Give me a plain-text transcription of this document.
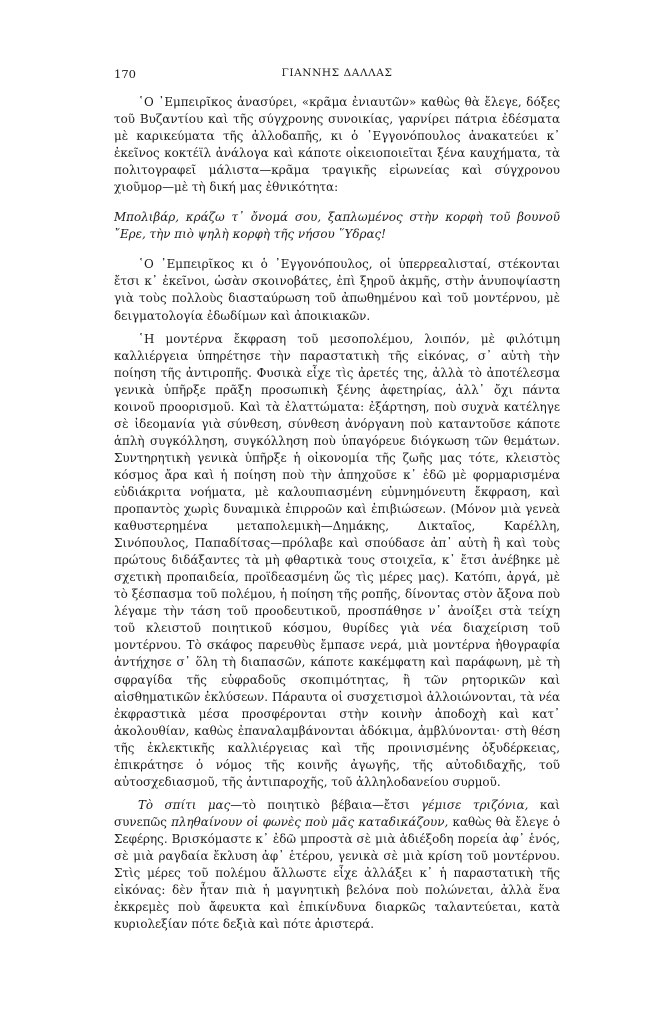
170	ΓΙΑΝΝΗΣ ΔΑΛΛΑΣ

῾Ο ᾿Εμπειρῖκος ἀνασύρει, «κρᾶμα ἐνιαυτῶν» καθὼς θὰ ἔλεγε, δόξες τοῦ Βυζαντίου καὶ τῆς σύγχρονης συνοικίας, γαρνίρει πάτρια ἐδέσματα μὲ καρικεύματα τῆς ἀλλοδαπῆς, κι ὁ ᾿Εγγονόπουλος ἀνακατεύει κ᾿ ἐκεῖνος κοκτέϊλ ἀνάλογα καὶ κάποτε οἰκειοποιεῖται ξένα καυχήματα, τὰ πολιτογραφεῖ μάλιστα—κρᾶμα τραγικῆς εἰρωνείας καὶ σύγχρονου χιοῦμορ—μὲ τὴ δική μας ἐθνικότητα:

Μπολιβάρ, κράζω τ᾿ ὄνομά σου, ξαπλωμένος στὴν κορφὴ τοῦ βουνοῦ ῎Ερε, τὴν πιὸ ψηλὴ κορφὴ τῆς νήσου ῞Υδρας!

῾Ο ᾿Εμπειρῖκος κι ὁ ᾿Εγγονόπουλος, οἱ ὑπερρεαλισταί, στέκονται ἔτσι κ᾿ ἐκεῖνοι, ὡσὰν σκοινοβάτες, ἐπὶ ξηροῦ ἀκμῆς, στὴν ἀνυποψίαστη γιὰ τοὺς πολλοὺς διασταύρωση τοῦ ἀπωθημένου καὶ τοῦ μοντέρνου, μὲ δειγματολογία ἐδωδίμων καὶ ἀποικιακῶν.

῾Η μοντέρνα ἔκφραση τοῦ μεσοπολέμου, λοιπόν, μὲ φιλότιμη καλλιέργεια ὑπηρέτησε τὴν παραστατικὴ τῆς εἰκόνας, σ᾿ αὐτὴ τὴν ποίηση τῆς ἀντιροπῆς. Φυσικὰ εἶχε τὶς ἀρετές της, ἀλλὰ τὸ ἀποτέλεσμα γενικὰ ὑπῆρξε πρᾶξη προσωπικὴ ξένης ἀφετηρίας, ἀλλ᾿ ὄχι πάντα κοινοῦ προορισμοῦ. Καὶ τὰ ἐλαττώματα: ἐξάρτηση, ποὺ συχνὰ κατέληγε σὲ ἰδεομανία γιὰ σύνθεση, σύνθεση ἀνόργανη ποὺ καταντοῦσε κάποτε ἁπλὴ συγκόλληση, συγκόλληση ποὺ ὑπαγόρευε διόγκωση τῶν θεμάτων. Συντηρητικὴ γενικὰ ὑπῆρξε ἡ οἰκονομία τῆς ζωῆς μας τότε, κλειστὸς κόσμος ἄρα καὶ ἡ ποίηση ποὺ τὴν ἀπηχοῦσε κ᾿ ἐδῶ μὲ φορμαρισμένα εὐδιάκριτα νοήματα, μὲ καλουπιασμένη εὐμνημόνευτη ἔκφραση, καὶ προπαντὸς χωρὶς δυναμικὰ ἐπιρροῶν καὶ ἐπιβιώσεων. (Μόνον μιὰ γενεὰ καθυστερημένα μεταπολεμικὴ—Δημάκης, Δικταῖος, Καρέλλη, Σινόπουλος, Παπαδίτσας—πρόλαβε καὶ σπούδασε ἀπ᾿ αὐτὴ ἢ καὶ τοὺς πρώτους διδάξαντες τὰ μὴ φθαρτικὰ τους στοιχεῖα, κ᾿ ἔτσι ἀνέβηκε μὲ σχετικὴ προπαιδεία, προϊδεασμένη ὥς τὶς μέρες μας). Κατόπι, ἀργά, μὲ τὸ ξέσπασμα τοῦ πολέμου, ἡ ποίηση τῆς ροπῆς, δίνοντας στὸν ἄξονα ποὺ λέγαμε τὴν τάση τοῦ προοδευτικοῦ, προσπάθησε ν᾿ ἀνοίξει στὰ τείχη τοῦ κλειστοῦ ποιητικοῦ κόσμου, θυρίδες γιὰ νέα διαχείριση τοῦ μοντέρνου. Τὸ σκάφος παρευθὺς ἔμπασε νερά, μιὰ μοντέρνα ἠθογραφία ἀντήχησε σ᾿ ὅλη τὴ διαπασῶν, κάποτε κακέμφατη καὶ παράφωνη, μὲ τὴ σφραγίδα τῆς εὐφραδοῦς σκοπιμότητας, ἢ τῶν ρητορικῶν καὶ αἰσθηματικῶν ἐκλύσεων. Πάραυτα οἱ συσχετισμοὶ ἀλλοιώνονται, τὰ νέα ἐκφραστικὰ μέσα προσφέρονται στὴν κοινὴν ἀποδοχὴ καὶ κατ᾿ ἀκολουθίαν, καθὼς ἐπαναλαμβάνονται ἀδόκιμα, ἀμβλύνονται· στὴ θέση τῆς ἐκλεκτικῆς καλλιέργειας καὶ τῆς προινισμένης ὀξυδέρκειας, ἐπικράτησε ὁ νόμος τῆς κοινῆς ἀγωγῆς, τῆς αὐτοδιδαχῆς, τοῦ αὐτοσχεδιασμοῦ, τῆς ἀντιπαροχῆς, τοῦ ἀλληλοδανείου συρμοῦ.

Τὸ σπίτι μας—τὸ ποιητικὸ βέβαια—ἔτσι γέμισε τριζόνια, καὶ συνεπῶς πληθαίνουν οἱ φωνὲς ποὺ μᾶς καταδικάζουν, καθὼς θὰ ἔλεγε ὁ Σεφέρης. Βρισκόμαστε κ᾿ ἐδῶ μπροστὰ σὲ μιὰ ἀδιέξοδη πορεία ἀφ᾿ ἑνός, σὲ μιὰ ραγδαία ἔκλυση ἀφ᾿ ἑτέρου, γενικὰ σὲ μιὰ κρίση τοῦ μοντέρνου. Στὶς μέρες τοῦ πολέμου ἄλλωστε εἶχε ἀλλάξει κ᾿ ἡ παραστατικὴ τῆς εἰκόνας: δὲν ἦταν πιὰ ἡ μαγνητικὴ βελόνα ποὺ πολώνεται, ἀλλὰ ἕνα ἐκκρεμὲς ποὺ ἄφευκτα καὶ ἐπικίνδυνα διαρκῶς ταλαντεύεται, κατὰ κυριολεξίαν πότε δεξιὰ καὶ πότε ἀριστερά.
